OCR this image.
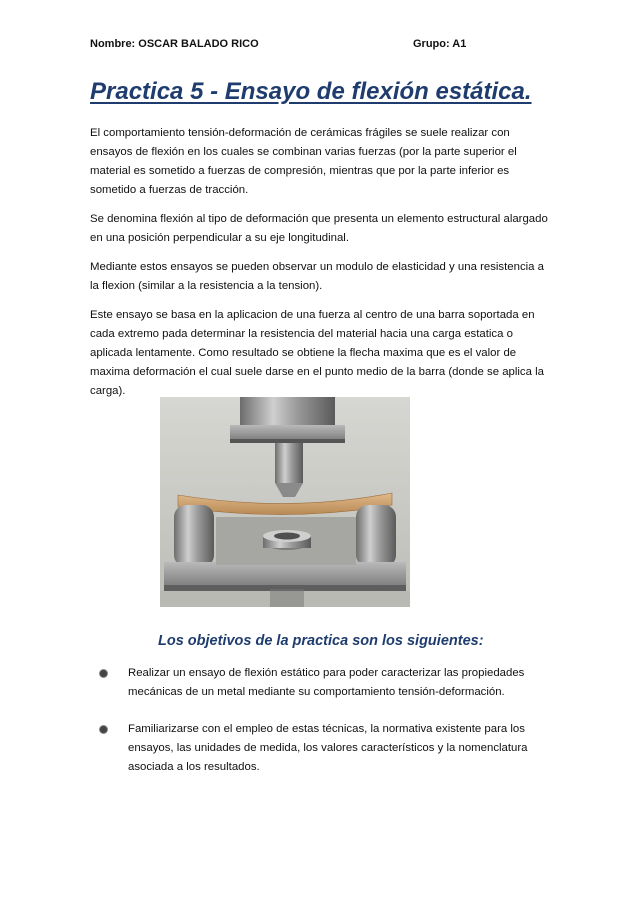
Nombre: OSCAR BALADO RICO	Grupo: A1
Practica 5 - Ensayo de flexión estática.

El comportamiento tensión-deformación de cerámicas frágiles se suele realizar con ensayos de flexión en los cuales se combinan varias fuerzas (por la parte superior el material es sometido a fuerzas de compresión, mientras que por la parte inferior es sometido a fuerzas de tracción.

Se denomina flexión al tipo de deformación que presenta un elemento estructural alargado en una posición perpendicular a su eje longitudinal.

Mediante estos ensayos se pueden observar un modulo de elasticidad y una resistencia a la flexion (similar a la resistencia a la tension).

Este ensayo se basa en la aplicacion de una fuerza al centro de una barra soportada en cada extremo pada determinar la resistencia del material hacia una carga estatica o aplicada lentamente. Como resultado se obtiene la flecha maxima que es el valor de maxima deformación el cual suele darse en el punto medio de la barra (donde se aplica la carga).

Los objetivos de la practica son los siguientes:
Realizar un ensayo de flexión estático para poder caracterizar las propiedades mecánicas de un metal mediante su comportamiento tensión-deformación.
Familiarizarse con el empleo de estas técnicas, la normativa existente para los ensayos, las unidades de medida, los valores característicos y la nomenclatura asociada a los resultados.
